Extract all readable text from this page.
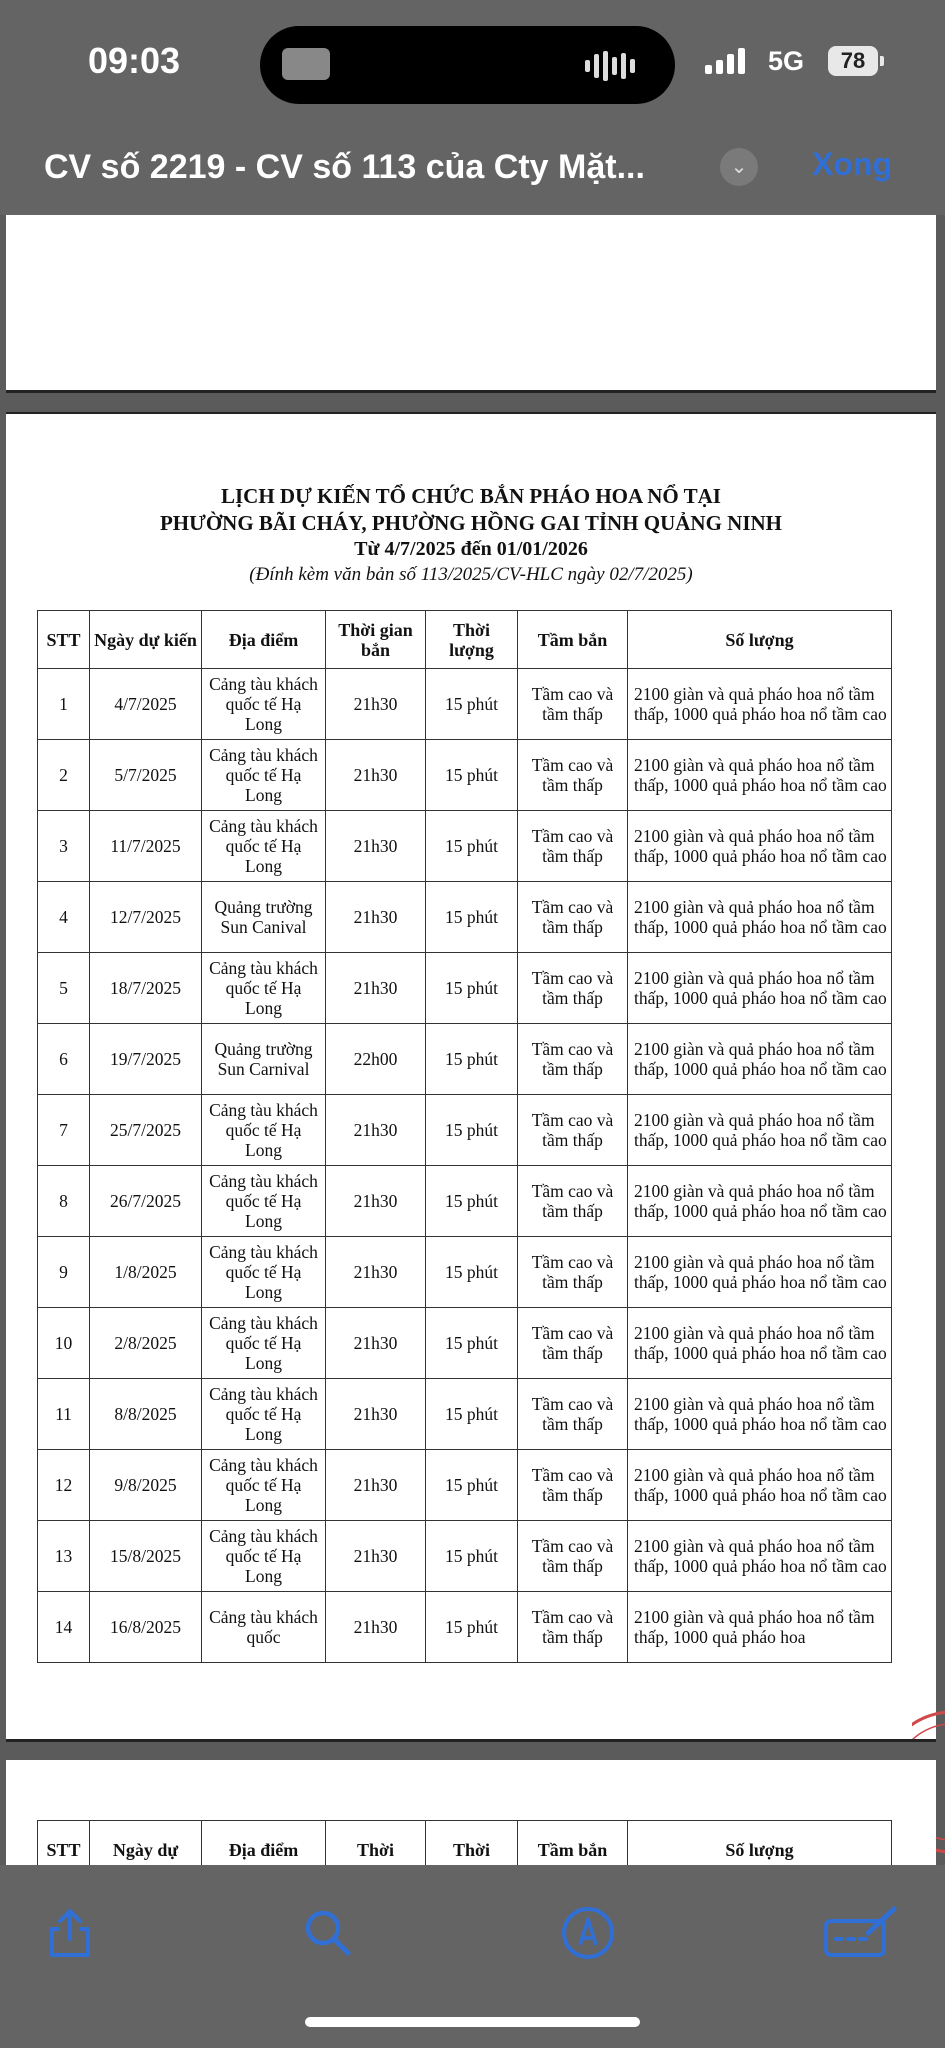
09:03	5G	78
CV số 2219 - CV số 113 của Cty Mặt...	⌄	Xong
LỊCH DỰ KIẾN TỔ CHỨC BẮN PHÁO HOA NỔ TẠI
PHƯỜNG BÃI CHÁY, PHƯỜNG HỒNG GAI TỈNH QUẢNG NINH
Từ 4/7/2025 đến 01/01/2026
(Đính kèm văn bản số 113/2025/CV-HLC ngày 02/7/2025)
STT	Ngày dự kiến	Địa điểm	Thời gian bắn	Thời lượng	Tầm bắn	Số lượng
1	4/7/2025	Cảng tàu khách quốc tế Hạ Long	21h30	15 phút	Tầm cao và tầm thấp	2100 giàn và quả pháo hoa nổ tầm thấp, 1000 quả pháo hoa nổ tầm cao
2	5/7/2025	Cảng tàu khách quốc tế Hạ Long	21h30	15 phút	Tầm cao và tầm thấp	2100 giàn và quả pháo hoa nổ tầm thấp, 1000 quả pháo hoa nổ tầm cao
3	11/7/2025	Cảng tàu khách quốc tế Hạ Long	21h30	15 phút	Tầm cao và tầm thấp	2100 giàn và quả pháo hoa nổ tầm thấp, 1000 quả pháo hoa nổ tầm cao
4	12/7/2025	Quảng trường Sun Canival	21h30	15 phút	Tầm cao và tầm thấp	2100 giàn và quả pháo hoa nổ tầm thấp, 1000 quả pháo hoa nổ tầm cao
5	18/7/2025	Cảng tàu khách quốc tế Hạ Long	21h30	15 phút	Tầm cao và tầm thấp	2100 giàn và quả pháo hoa nổ tầm thấp, 1000 quả pháo hoa nổ tầm cao
6	19/7/2025	Quảng trường Sun Carnival	22h00	15 phút	Tầm cao và tầm thấp	2100 giàn và quả pháo hoa nổ tầm thấp, 1000 quả pháo hoa nổ tầm cao
7	25/7/2025	Cảng tàu khách quốc tế Hạ Long	21h30	15 phút	Tầm cao và tầm thấp	2100 giàn và quả pháo hoa nổ tầm thấp, 1000 quả pháo hoa nổ tầm cao
8	26/7/2025	Cảng tàu khách quốc tế Hạ Long	21h30	15 phút	Tầm cao và tầm thấp	2100 giàn và quả pháo hoa nổ tầm thấp, 1000 quả pháo hoa nổ tầm cao
9	1/8/2025	Cảng tàu khách quốc tế Hạ Long	21h30	15 phút	Tầm cao và tầm thấp	2100 giàn và quả pháo hoa nổ tầm thấp, 1000 quả pháo hoa nổ tầm cao
10	2/8/2025	Cảng tàu khách quốc tế Hạ Long	21h30	15 phút	Tầm cao và tầm thấp	2100 giàn và quả pháo hoa nổ tầm thấp, 1000 quả pháo hoa nổ tầm cao
11	8/8/2025	Cảng tàu khách quốc tế Hạ Long	21h30	15 phút	Tầm cao và tầm thấp	2100 giàn và quả pháo hoa nổ tầm thấp, 1000 quả pháo hoa nổ tầm cao
12	9/8/2025	Cảng tàu khách quốc tế Hạ Long	21h30	15 phút	Tầm cao và tầm thấp	2100 giàn và quả pháo hoa nổ tầm thấp, 1000 quả pháo hoa nổ tầm cao
13	15/8/2025	Cảng tàu khách quốc tế Hạ Long	21h30	15 phút	Tầm cao và tầm thấp	2100 giàn và quả pháo hoa nổ tầm thấp, 1000 quả pháo hoa nổ tầm cao
14	16/8/2025	Cảng tàu khách quốc	21h30	15 phút	Tầm cao và tầm thấp	2100 giàn và quả pháo hoa nổ tầm thấp, 1000 quả pháo hoa
STT	Ngày dự	Địa điểm	Thời	Thời	Tầm bắn	Số lượng
